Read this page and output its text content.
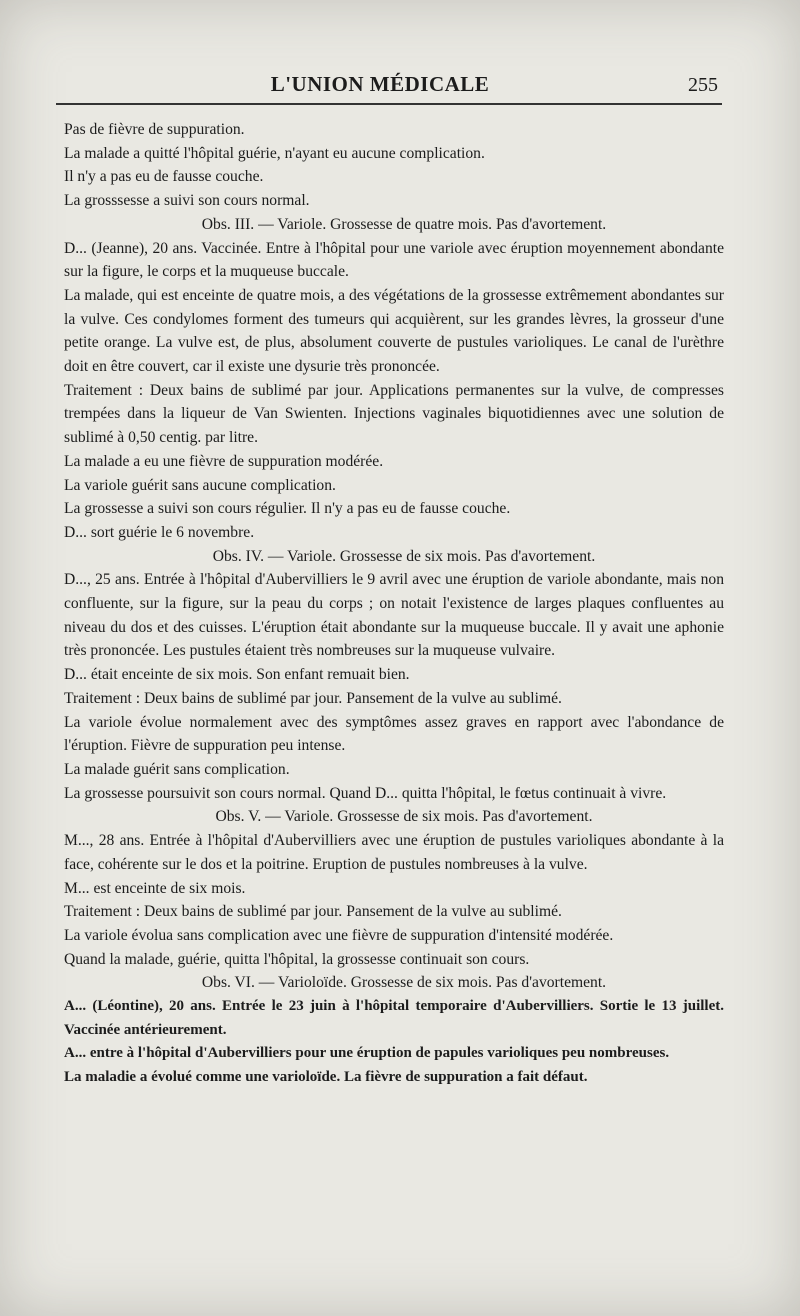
L'UNION MÉDICALE	255

Pas de fièvre de suppuration.

La malade a quitté l'hôpital guérie, n'ayant eu aucune complication.

Il n'y a pas eu de fausse couche.

La grosssesse a suivi son cours normal.

Obs. III. — Variole. Grossesse de quatre mois. Pas d'avortement.

D... (Jeanne), 20 ans. Vaccinée. Entre à l'hôpital pour une variole avec éruption moyennement abondante sur la figure, le corps et la muqueuse buccale.

La malade, qui est enceinte de quatre mois, a des végétations de la grossesse extrêmement abondantes sur la vulve. Ces condylomes forment des tumeurs qui acquièrent, sur les grandes lèvres, la grosseur d'une petite orange. La vulve est, de plus, absolument couverte de pustules varioliques. Le canal de l'urèthre doit en être couvert, car il existe une dysurie très prononcée.

Traitement : Deux bains de sublimé par jour. Applications permanentes sur la vulve, de compresses trempées dans la liqueur de Van Swienten. Injections vaginales biquotidiennes avec une solution de sublimé à 0,50 centig. par litre.

La malade a eu une fièvre de suppuration modérée.

La variole guérit sans aucune complication.

La grossesse a suivi son cours régulier. Il n'y a pas eu de fausse couche.

D... sort guérie le 6 novembre.

Obs. IV. — Variole. Grossesse de six mois. Pas d'avortement.

D..., 25 ans. Entrée à l'hôpital d'Aubervilliers le 9 avril avec une éruption de variole abondante, mais non confluente, sur la figure, sur la peau du corps ; on notait l'existence de larges plaques confluentes au niveau du dos et des cuisses. L'éruption était abondante sur la muqueuse buccale. Il y avait une aphonie très prononcée. Les pustules étaient très nombreuses sur la muqueuse vulvaire.

D... était enceinte de six mois. Son enfant remuait bien.

Traitement : Deux bains de sublimé par jour. Pansement de la vulve au sublimé.

La variole évolue normalement avec des symptômes assez graves en rapport avec l'abondance de l'éruption. Fièvre de suppuration peu intense.

La malade guérit sans complication.

La grossesse poursuivit son cours normal. Quand D... quitta l'hôpital, le fœtus continuait à vivre.

Obs. V. — Variole. Grossesse de six mois. Pas d'avortement.

M..., 28 ans. Entrée à l'hôpital d'Aubervilliers avec une éruption de pustules varioliques abondante à la face, cohérente sur le dos et la poitrine. Eruption de pustules nombreuses à la vulve.

M... est enceinte de six mois.

Traitement : Deux bains de sublimé par jour. Pansement de la vulve au sublimé.

La variole évolua sans complication avec une fièvre de suppuration d'intensité modérée.

Quand la malade, guérie, quitta l'hôpital, la grossesse continuait son cours.

Obs. VI. — Varioloïde. Grossesse de six mois. Pas d'avortement.

A... (Léontine), 20 ans. Entrée le 23 juin à l'hôpital temporaire d'Aubervilliers. Sortie le 13 juillet. Vaccinée antérieurement.

A... entre à l'hôpital d'Aubervilliers pour une éruption de papules varioliques peu nombreuses.

La maladie a évolué comme une varioloïde. La fièvre de suppuration a fait défaut.
